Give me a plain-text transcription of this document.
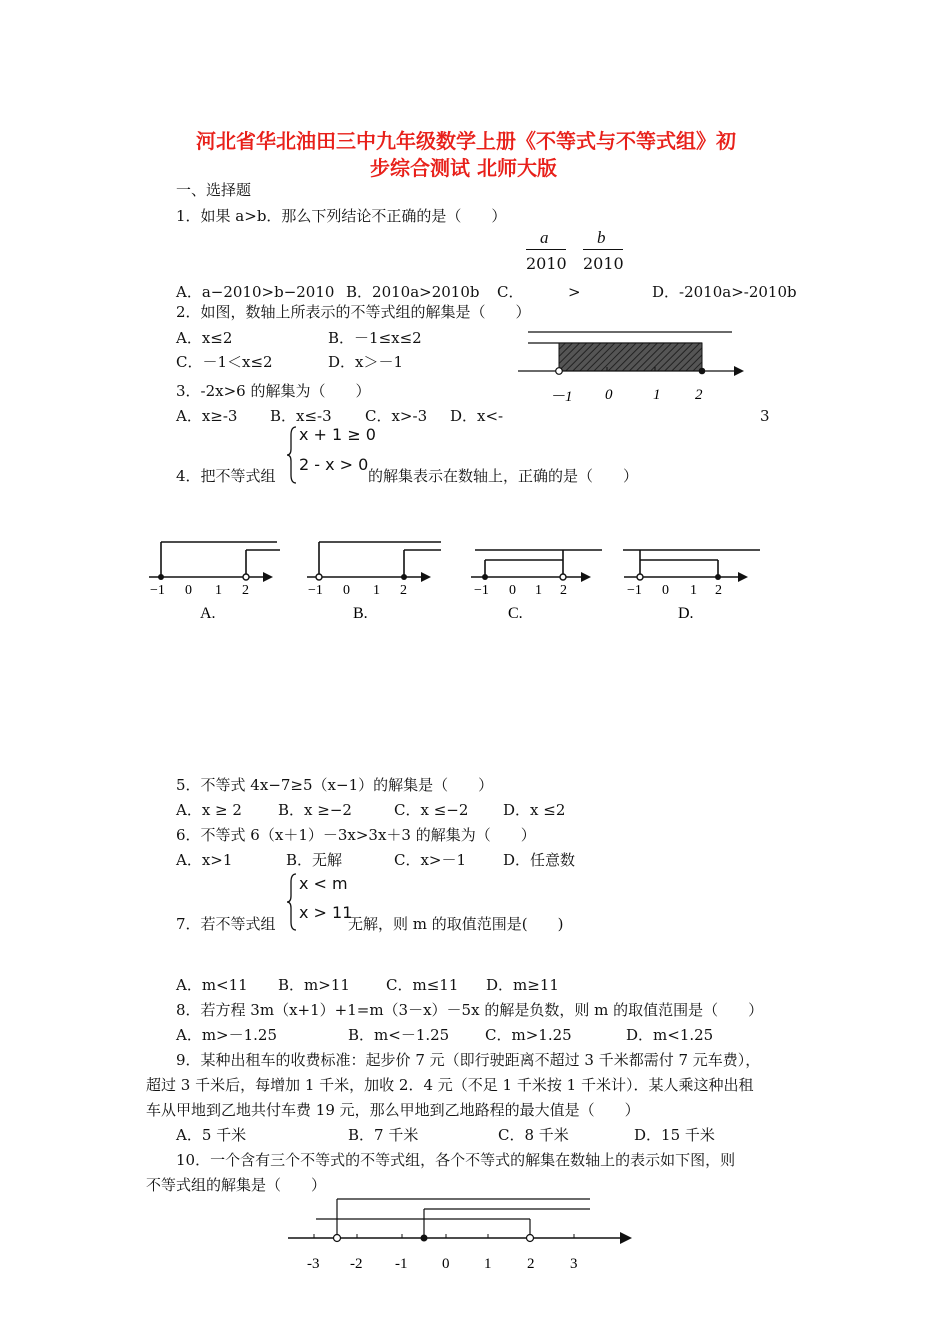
河北省华北油田三中九年级数学上册《不等式与不等式组》初
步综合测试 北师大版
一、选择题
1．如果 a>b．那么下列结论不正确的是（　　）
a
2010
b
2010
A．a−2010>b−2010 B．2010a>2010b C．	>	D．-2010a>-2010b
2．如图，数轴上所表示的不等式组的解集是（　　）
A．x≤2	B．－1≤x≤2
C．－1＜x≤2	D．x＞－1
－1 0	1 2
3．-2x>6 的解集为（　　）
A．x≥-3 B．x≤-3 C．x>-3 D．x<-	3
x + 1 ≥ 0
2 - x > 0
4．把不等式组	的解集表示在数轴上，正确的是（　　）
−1 0 1 2
A.
−1 0 1 2
B.
−1 0 1 2
C.
−1 0 1 2
D.
5．不等式 4x−7≥5（x−1）的解集是（　　）
A．x ≥ 2 B．x ≥−2	C．x ≤−2 D．x ≤2
6．不等式 6（x＋1）－3x>3x＋3 的解集为（　　）
A．x>1	B．无解	C．x>－1 D．任意数
x < m
x > 11
7．若不等式组	无解，则 m 的取值范围是(　　)
A．m<11 B．m>11 C．m≤11 D．m≥11
8．若方程 3m（x+1）+1=m（3－x）－5x 的解是负数，则 m 的取值范围是（　　）
A．m>－1.25	B．m<－1.25 C．m>1.25	D．m<1.25
9．某种出租车的收费标准：起步价 7 元（即行驶距离不超过 3 千米都需付 7 元车费），
超过 3 千米后，每增加 1 千米，加收 2．4 元（不足 1 千米按 1 千米计）．某人乘这种出租
车从甲地到乙地共付车费 19 元，那么甲地到乙地路程的最大值是（　　）
A．5 千米	B．7 千米	C．8 千米	D．15 千米
10．一个含有三个不等式的不等式组，各个不等式的解集在数轴上的表示如下图，则
不等式组的解集是（　　）
-3 -2 -1 0 1 2 3
